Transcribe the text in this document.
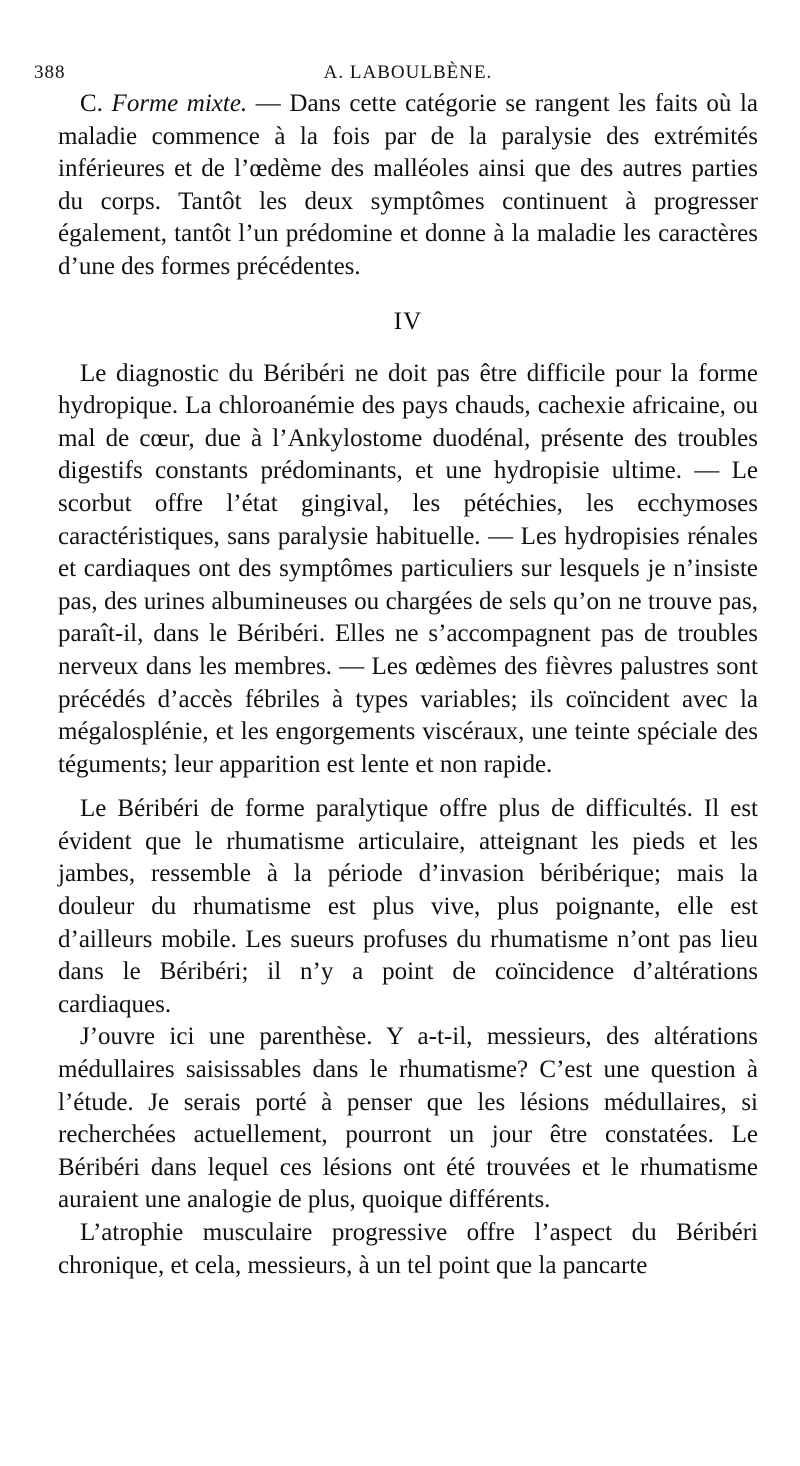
388	A. LABOULBÈNE.

C. Forme mixte. — Dans cette catégorie se rangent les faits où la maladie commence à la fois par de la paralysie des extrémités inférieures et de l’œdème des malléoles ainsi que des autres parties du corps. Tantôt les deux symptômes continuent à progresser également, tantôt l’un prédomine et donne à la maladie les caractères d’une des formes précédentes.

IV

Le diagnostic du Béribéri ne doit pas être difficile pour la forme hydropique. La chloroanémie des pays chauds, cachexie africaine, ou mal de cœur, due à l’Ankylostome duodénal, présente des troubles digestifs constants prédominants, et une hydropisie ultime. — Le scorbut offre l’état gingival, les pétéchies, les ecchymoses caractéristiques, sans paralysie habituelle. — Les hydropisies rénales et cardiaques ont des symptômes particuliers sur lesquels je n’insiste pas, des urines albumineuses ou chargées de sels qu’on ne trouve pas, paraît-il, dans le Béribéri. Elles ne s’accompagnent pas de troubles nerveux dans les membres. — Les œdèmes des fièvres palustres sont précédés d’accès fébriles à types variables; ils coïncident avec la mégalosplénie, et les engorgements viscéraux, une teinte spéciale des téguments; leur apparition est lente et non rapide.

Le Béribéri de forme paralytique offre plus de difficultés. Il est évident que le rhumatisme articulaire, atteignant les pieds et les jambes, ressemble à la période d’invasion béribérique; mais la douleur du rhumatisme est plus vive, plus poignante, elle est d’ailleurs mobile. Les sueurs profuses du rhumatisme n’ont pas lieu dans le Béribéri; il n’y a point de coïncidence d’altérations cardiaques.

J’ouvre ici une parenthèse. Y a-t-il, messieurs, des altérations médullaires saisissables dans le rhumatisme? C’est une question à l’étude. Je serais porté à penser que les lésions médullaires, si recherchées actuellement, pourront un jour être constatées. Le Béribéri dans lequel ces lésions ont été trouvées et le rhumatisme auraient une analogie de plus, quoique différents.

L’atrophie musculaire progressive offre l’aspect du Béribéri chronique, et cela, messieurs, à un tel point que la pancarte
